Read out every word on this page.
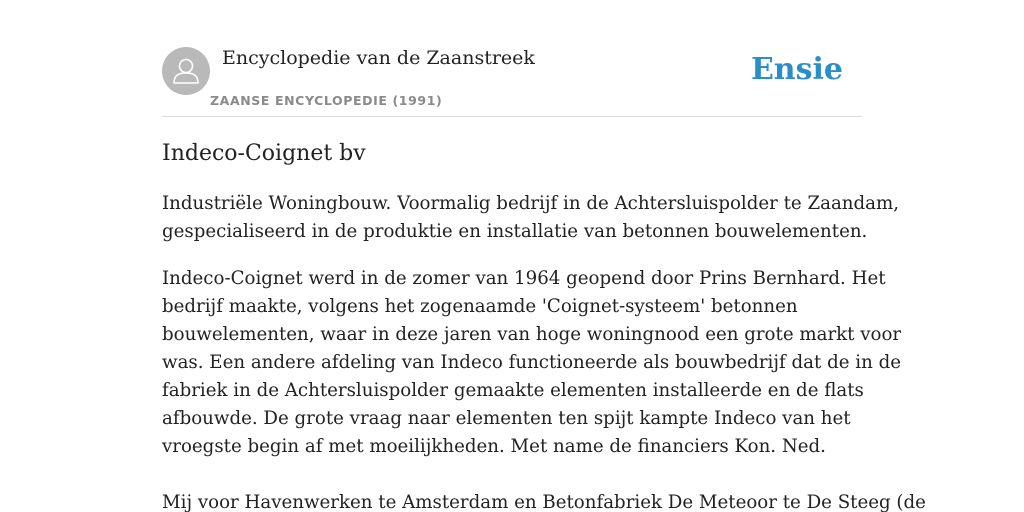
Encyclopedie van de Zaanstreek
ZAANSE ENCYCLOPEDIE (1991)
Ensie
Indeco-Coignet bv

Industriële Woningbouw. Voormalig bedrijf in de Achtersluispolder te Zaandam,
gespecialiseerd in de produktie en installatie van betonnen bouwelementen.

Indeco-Coignet werd in de zomer van 1964 geopend door Prins Bernhard. Het
bedrijf maakte, volgens het zogenaamde 'Coignet-systeem' betonnen
bouwelementen, waar in deze jaren van hoge woningnood een grote markt voor
was. Een andere afdeling van Indeco functioneerde als bouwbedrijf dat de in de
fabriek in de Achtersluispolder gemaakte elementen installeerde en de flats
afbouwde. De grote vraag naar elementen ten spijt kampte Indeco van het
vroegste begin af met moeilijkheden. Met name de financiers Kon. Ned.

Mij voor Havenwerken te Amsterdam en Betonfabriek De Meteoor te De Steeg (de
